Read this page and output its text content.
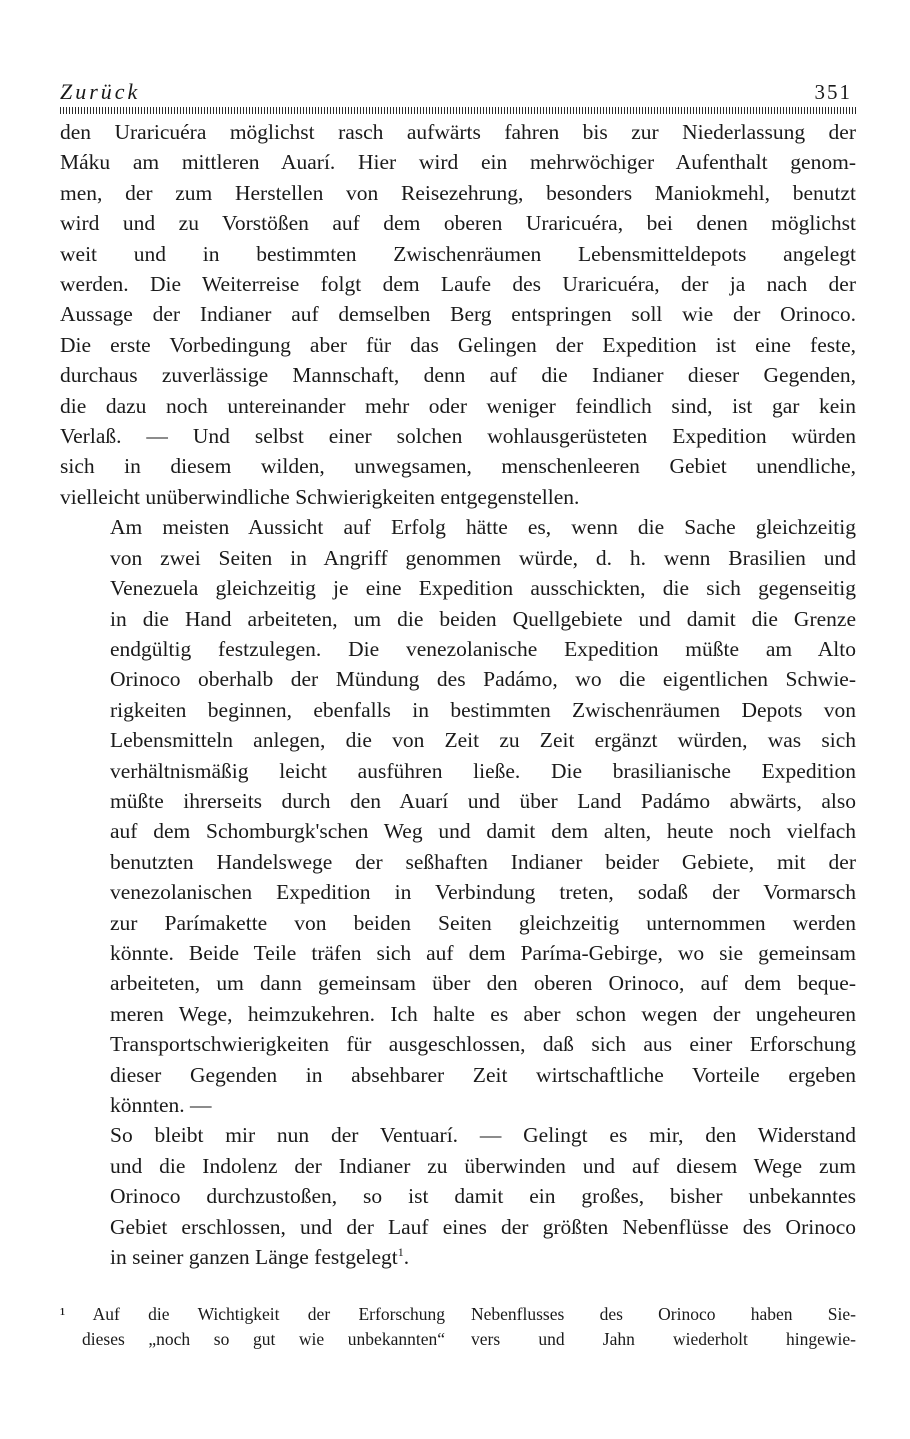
Zurück	351
den Uraricuéra möglichst rasch aufwärts fahren bis zur Niederlassung der
Máku am mittleren Auarí. Hier wird ein mehrwöchiger Aufenthalt genom-
men, der zum Herstellen von Reisezehrung, besonders Maniokmehl, benutzt
wird und zu Vorstößen auf dem oberen Uraricuéra, bei denen möglichst
weit und in bestimmten Zwischenräumen Lebensmitteldepots angelegt
werden. Die Weiterreise folgt dem Laufe des Uraricuéra, der ja nach der
Aussage der Indianer auf demselben Berg entspringen soll wie der Orinoco.
Die erste Vorbedingung aber für das Gelingen der Expedition ist eine feste,
durchaus zuverlässige Mannschaft, denn auf die Indianer dieser Gegenden,
die dazu noch untereinander mehr oder weniger feindlich sind, ist gar kein
Verlaß. — Und selbst einer solchen wohlausgerüsteten Expedition würden
sich in diesem wilden, unwegsamen, menschenleeren Gebiet unendliche,
vielleicht unüberwindliche Schwierigkeiten entgegenstellen.
Am meisten Aussicht auf Erfolg hätte es, wenn die Sache gleichzeitig
von zwei Seiten in Angriff genommen würde, d. h. wenn Brasilien und
Venezuela gleichzeitig je eine Expedition ausschickten, die sich gegenseitig
in die Hand arbeiteten, um die beiden Quellgebiete und damit die Grenze
endgültig festzulegen. Die venezolanische Expedition müßte am Alto
Orinoco oberhalb der Mündung des Padámo, wo die eigentlichen Schwie-
rigkeiten beginnen, ebenfalls in bestimmten Zwischenräumen Depots von
Lebensmitteln anlegen, die von Zeit zu Zeit ergänzt würden, was sich
verhältnismäßig leicht ausführen ließe. Die brasilianische Expedition
müßte ihrerseits durch den Auarí und über Land Padámo abwärts, also
auf dem Schomburgk'schen Weg und damit dem alten, heute noch vielfach
benutzten Handelswege der seßhaften Indianer beider Gebiete, mit der
venezolanischen Expedition in Verbindung treten, sodaß der Vormarsch
zur Parímakette von beiden Seiten gleichzeitig unternommen werden
könnte. Beide Teile träfen sich auf dem Paríma-Gebirge, wo sie gemeinsam
arbeiteten, um dann gemeinsam über den oberen Orinoco, auf dem beque-
meren Wege, heimzukehren. Ich halte es aber schon wegen der ungeheuren
Transportschwierigkeiten für ausgeschlossen, daß sich aus einer Erforschung
dieser Gegenden in absehbarer Zeit wirtschaftliche Vorteile ergeben
könnten. —
So bleibt mir nun der Ventuarí. — Gelingt es mir, den Widerstand
und die Indolenz der Indianer zu überwinden und auf diesem Wege zum
Orinoco durchzustoßen, so ist damit ein großes, bisher unbekanntes
Gebiet erschlossen, und der Lauf eines der größten Nebenflüsse des Orinoco
in seiner ganzen Länge festgelegt$^1$.
¹ Auf die Wichtigkeit der Erforschung
dieses „noch so gut wie unbekannten“
Nebenflusses des Orinoco haben Sie-
vers und Jahn wiederholt hingewie-
